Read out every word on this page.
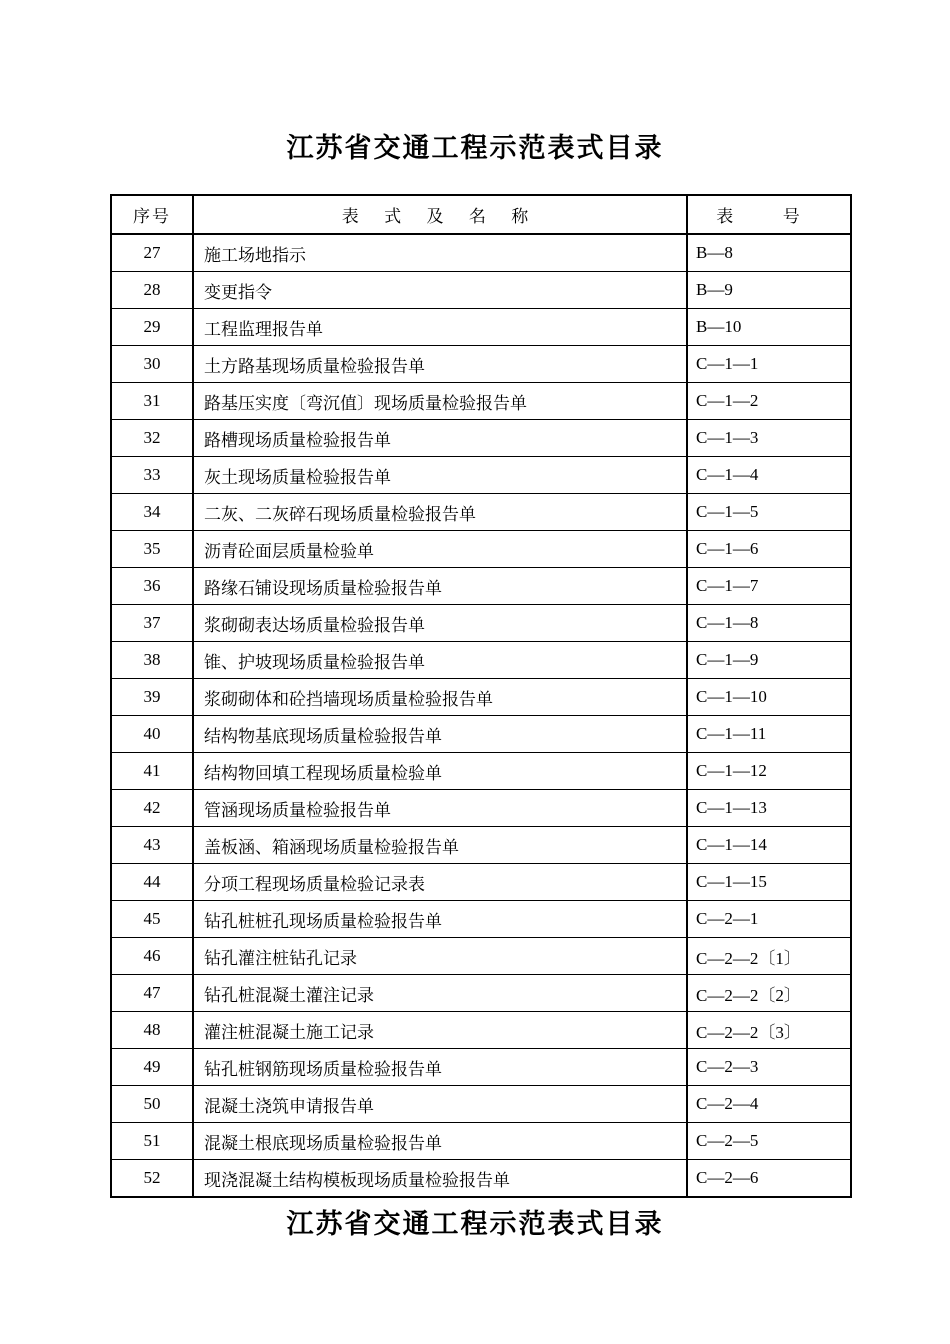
江苏省交通工程示范表式目录
序号	表 式 及 名 称	表 号
27	施工场地指示	B—8
28	变更指令	B—9
29	工程监理报告单	B—10
30	土方路基现场质量检验报告单	C—1—1
31	路基压实度〔弯沉值〕现场质量检验报告单	C—1—2
32	路槽现场质量检验报告单	C—1—3
33	灰土现场质量检验报告单	C—1—4
34	二灰、二灰碎石现场质量检验报告单	C—1—5
35	沥青砼面层质量检验单	C—1—6
36	路缘石铺设现场质量检验报告单	C—1—7
37	浆砌砌表达场质量检验报告单	C—1—8
38	锥、护坡现场质量检验报告单	C—1—9
39	浆砌砌体和砼挡墙现场质量检验报告单	C—1—10
40	结构物基底现场质量检验报告单	C—1—11
41	结构物回填工程现场质量检验单	C—1—12
42	管涵现场质量检验报告单	C—1—13
43	盖板涵、箱涵现场质量检验报告单	C—1—14
44	分项工程现场质量检验记录表	C—1—15
45	钻孔桩桩孔现场质量检验报告单	C—2—1
46	钻孔灌注桩钻孔记录	C—2—2〔1〕
47	钻孔桩混凝土灌注记录	C—2—2〔2〕
48	灌注桩混凝土施工记录	C—2—2〔3〕
49	钻孔桩钢筋现场质量检验报告单	C—2—3
50	混凝土浇筑申请报告单	C—2—4
51	混凝土根底现场质量检验报告单	C—2—5
52	现浇混凝土结构模板现场质量检验报告单	C—2—6
江苏省交通工程示范表式目录
